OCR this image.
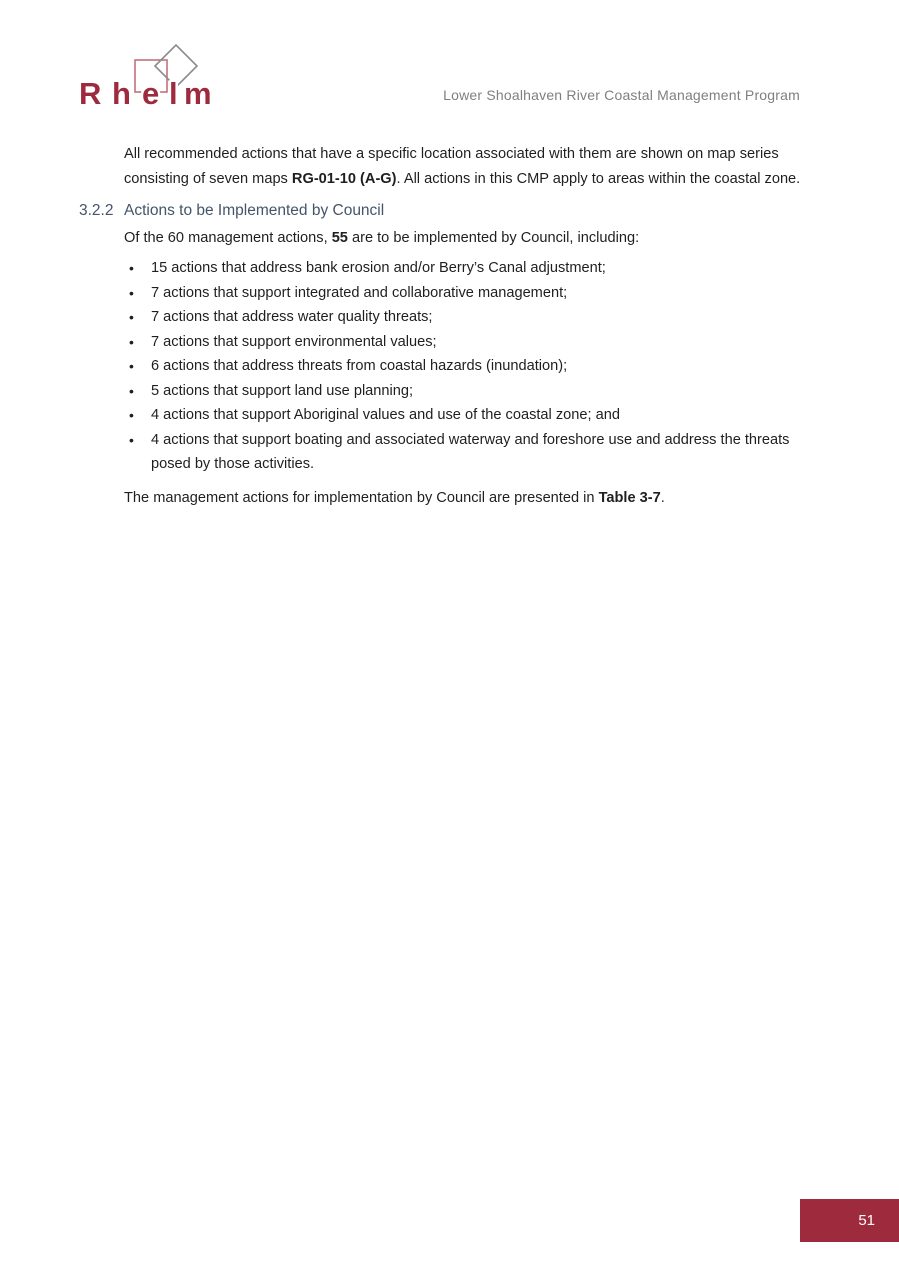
R h e l m	Lower Shoalhaven River Coastal Management Program

All recommended actions that have a specific location associated with them are shown on map series consisting of seven maps RG-01-10 (A-G). All actions in this CMP apply to areas within the coastal zone.

3.2.2 Actions to be Implemented by Council

Of the 60 management actions, 55 are to be implemented by Council, including:

• 15 actions that address bank erosion and/or Berry’s Canal adjustment;
• 7 actions that support integrated and collaborative management;
• 7 actions that address water quality threats;
• 7 actions that support environmental values;
• 6 actions that address threats from coastal hazards (inundation);
• 5 actions that support land use planning;
• 4 actions that support Aboriginal values and use of the coastal zone; and
• 4 actions that support boating and associated waterway and foreshore use and address the threats posed by those activities.

The management actions for implementation by Council are presented in Table 3-7.

51
